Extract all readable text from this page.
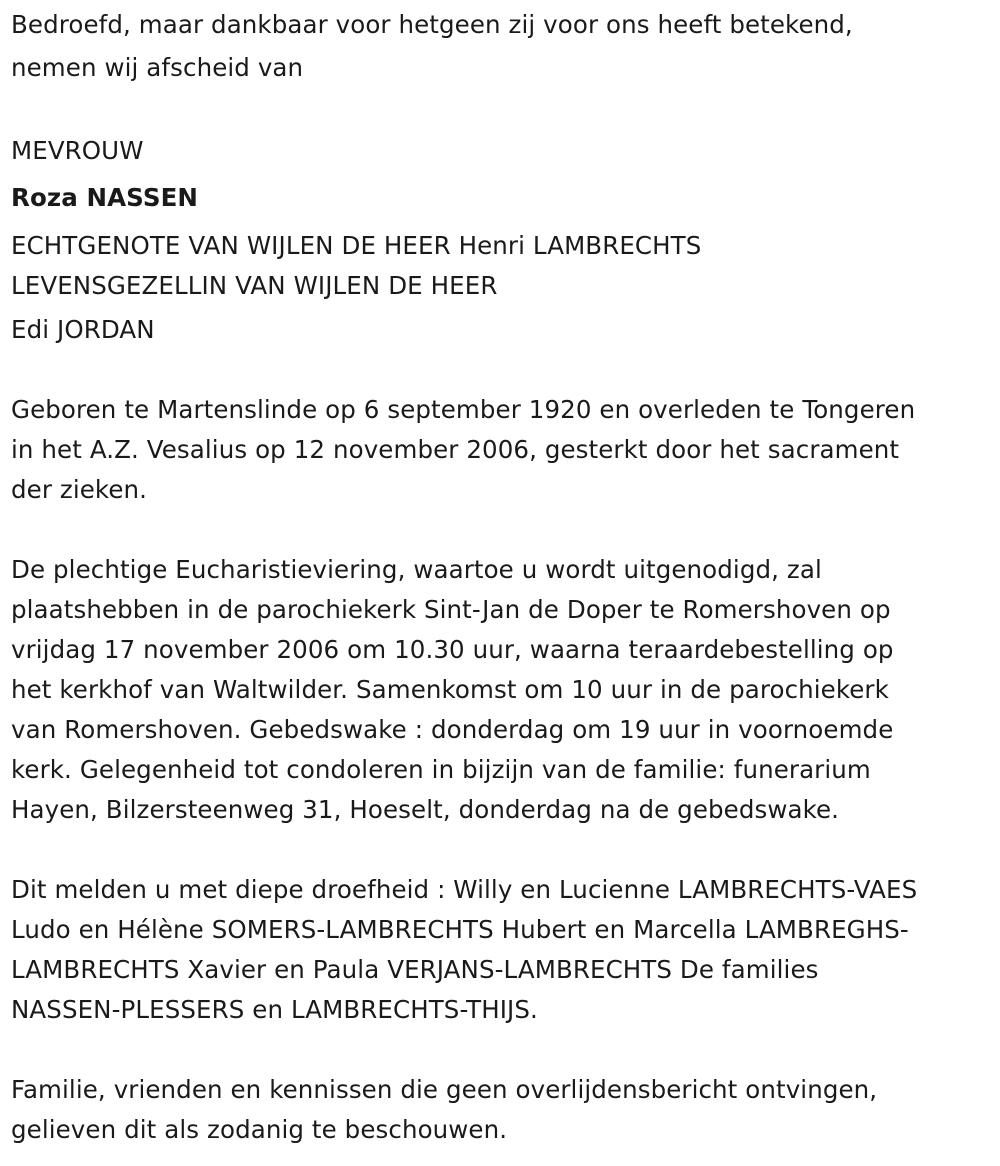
Bedroefd, maar dankbaar voor hetgeen zij voor ons heeft betekend,
nemen wij afscheid van
MEVROUW
Roza NASSEN
ECHTGENOTE VAN WIJLEN DE HEER Henri LAMBRECHTS
LEVENSGEZELLIN VAN WIJLEN DE HEER
Edi JORDAN
Geboren te Martenslinde op 6 september 1920 en overleden te Tongeren
in het A.Z. Vesalius op 12 november 2006, gesterkt door het sacrament
der zieken.
De plechtige Eucharistieviering, waartoe u wordt uitgenodigd, zal
plaatshebben in de parochiekerk Sint-Jan de Doper te Romershoven op
vrijdag 17 november 2006 om 10.30 uur, waarna teraardebestelling op
het kerkhof van Waltwilder. Samenkomst om 10 uur in de parochiekerk
van Romershoven. Gebedswake : donderdag om 19 uur in voornoemde
kerk. Gelegenheid tot condoleren in bijzijn van de familie: funerarium
Hayen, Bilzersteenweg 31, Hoeselt, donderdag na de gebedswake.
Dit melden u met diepe droefheid : Willy en Lucienne LAMBRECHTS-VAES
Ludo en Hélène SOMERS-LAMBRECHTS Hubert en Marcella LAMBREGHS-
LAMBRECHTS Xavier en Paula VERJANS-LAMBRECHTS De families
NASSEN-PLESSERS en LAMBRECHTS-THIJS.
Familie, vrienden en kennissen die geen overlijdensbericht ontvingen,
gelieven dit als zodanig te beschouwen.
